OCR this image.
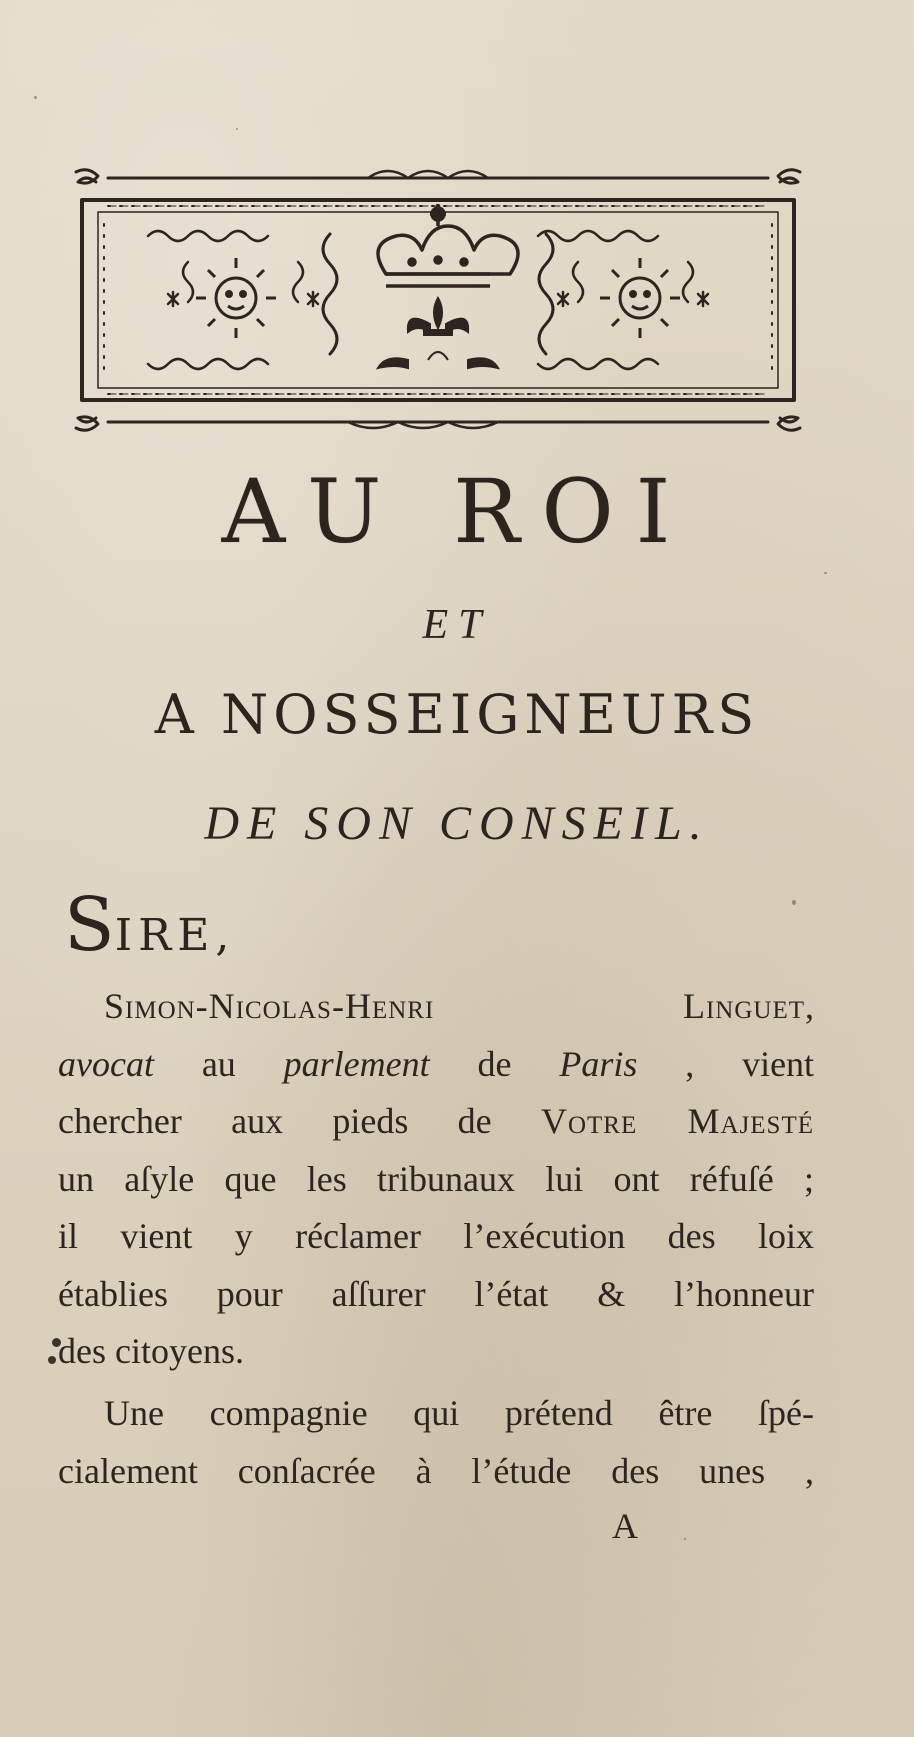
AU ROI
ET
A NOSSEIGNEURS
DE SON CONSEIL.
SIRE,
Simon-Nicolas-Henri Linguet,
avocat au parlement de Paris , vient
chercher aux pieds de Votre Majesté
un aſyle que les tribunaux lui ont réfuſé ;
il vient y réclamer l’exécution des loix
établies pour aſſurer l’état & l’honneur
des citoyens.
Une compagnie qui prétend être ſpé-
cialement conſacrée à l’étude des unes ,
A
